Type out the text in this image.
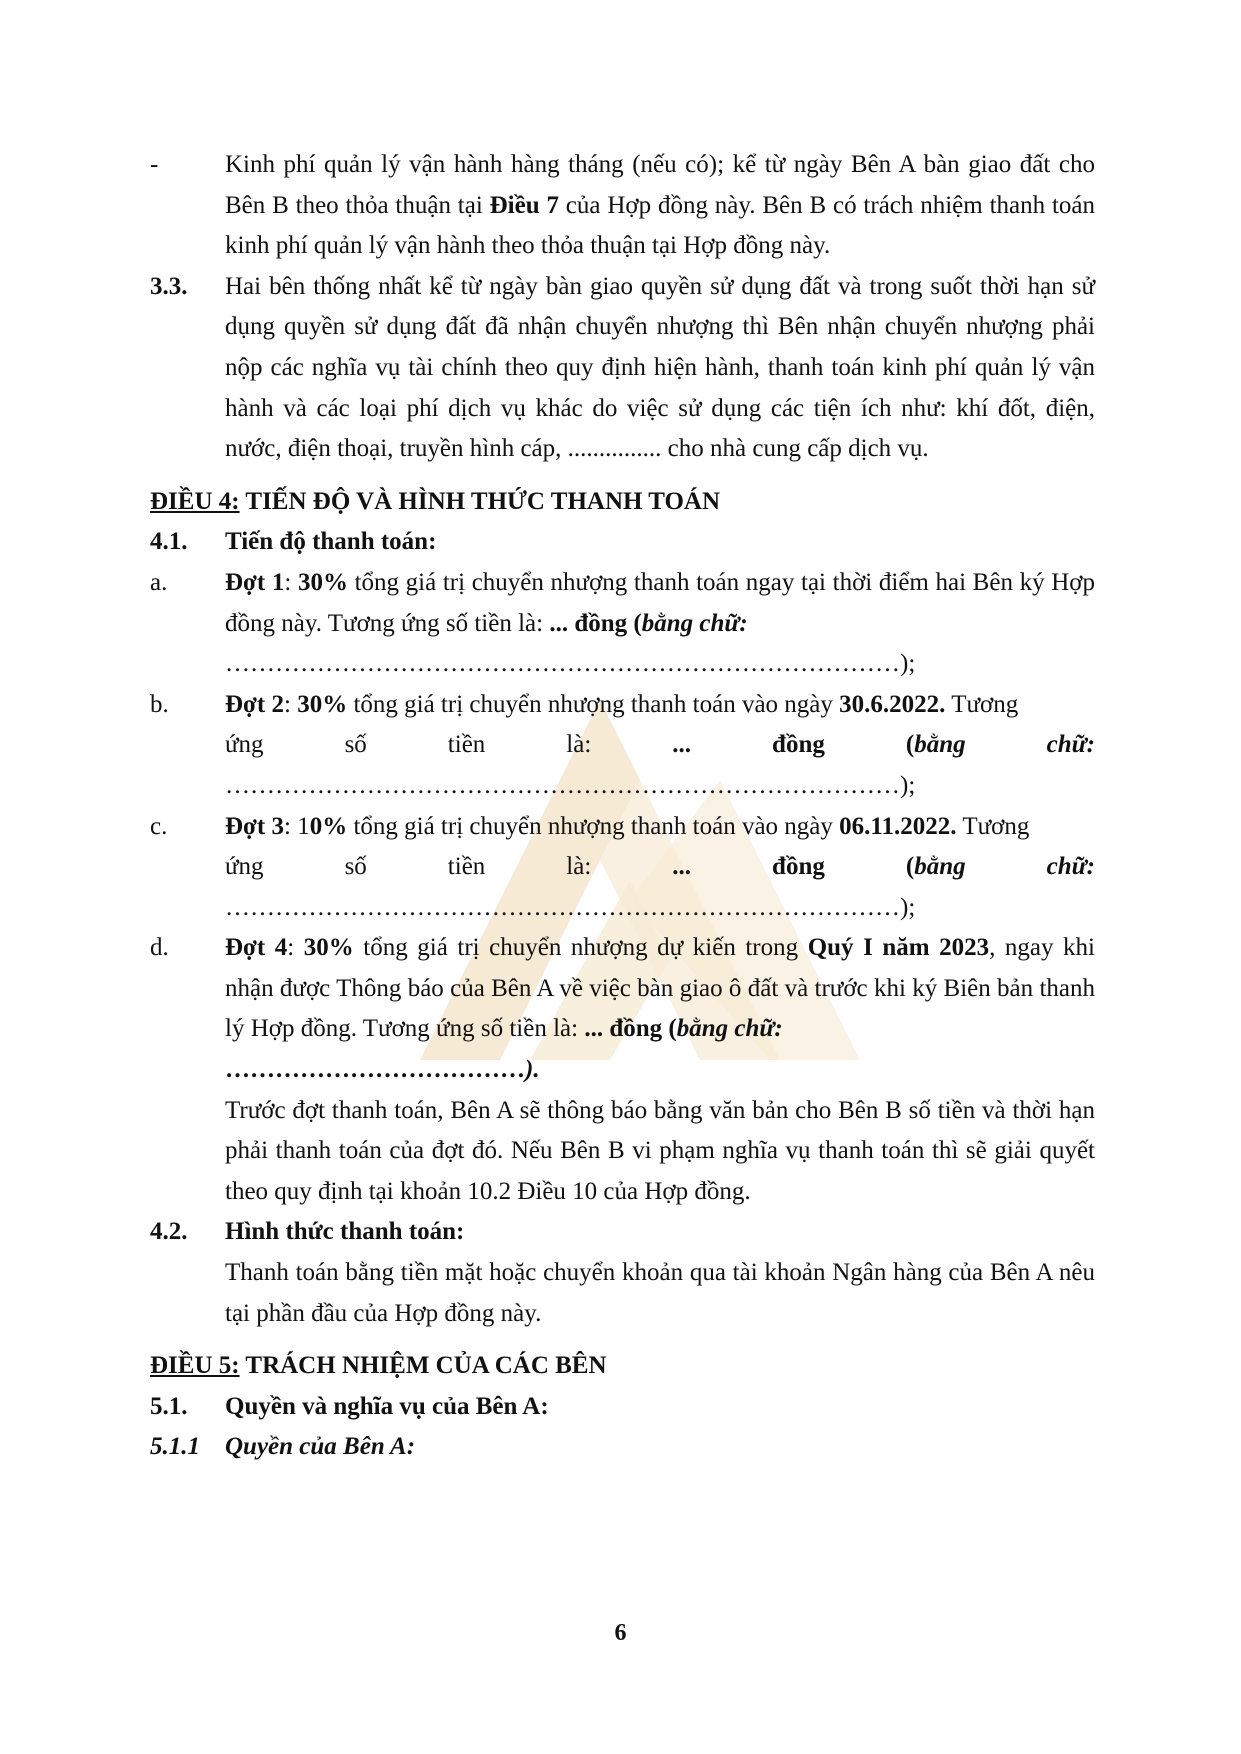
-	Kinh phí quản lý vận hành hàng tháng (nếu có); kể từ ngày Bên A bàn giao đất cho Bên B theo thỏa thuận tại Điều 7 của Hợp đồng này. Bên B có trách nhiệm thanh toán kinh phí quản lý vận hành theo thỏa thuận tại Hợp đồng này.
3.3.	Hai bên thống nhất kể từ ngày bàn giao quyền sử dụng đất và trong suốt thời hạn sử dụng quyền sử dụng đất đã nhận chuyển nhượng thì Bên nhận chuyển nhượng phải nộp các nghĩa vụ tài chính theo quy định hiện hành, thanh toán kinh phí quản lý vận hành và các loại phí dịch vụ khác do việc sử dụng các tiện ích như: khí đốt, điện, nước, điện thoại, truyền hình cáp, ............... cho nhà cung cấp dịch vụ.
ĐIỀU 4: TIẾN ĐỘ VÀ HÌNH THỨC THANH TOÁN
4.1.	Tiến độ thanh toán:
a.	Đợt 1: 30% tổng giá trị chuyển nhượng thanh toán ngay tại thời điểm hai Bên ký Hợp đồng này. Tương ứng số tiền là: ... đồng (bằng chữ:
………………………………………………………………………);
b.	Đợt 2: 30% tổng giá trị chuyển nhượng thanh toán vào ngày 30.6.2022. Tương
ứng	số	tiền	là:	...	đồng	(bằng	chữ:
………………………………………………………………………);
c.	Đợt 3: 10% tổng giá trị chuyển nhượng thanh toán vào ngày 06.11.2022. Tương
ứng	số	tiền	là:	...	đồng	(bằng	chữ:
………………………………………………………………………);
d.	Đợt 4: 30% tổng giá trị chuyển nhượng dự kiến trong Quý I năm 2023, ngay khi nhận được Thông báo của Bên A về việc bàn giao ô đất và trước khi ký Biên bản thanh lý Hợp đồng. Tương ứng số tiền là: ... đồng (bằng chữ:
………………………………).
Trước đợt thanh toán, Bên A sẽ thông báo bằng văn bản cho Bên B số tiền và thời hạn phải thanh toán của đợt đó. Nếu Bên B vi phạm nghĩa vụ thanh toán thì sẽ giải quyết theo quy định tại khoản 10.2 Điều 10 của Hợp đồng.
4.2.	Hình thức thanh toán:
Thanh toán bằng tiền mặt hoặc chuyển khoản qua tài khoản Ngân hàng của Bên A nêu tại phần đầu của Hợp đồng này.
ĐIỀU 5: TRÁCH NHIỆM CỦA CÁC BÊN
5.1.	Quyền và nghĩa vụ của Bên A:
5.1.1	Quyền của Bên A:
6
